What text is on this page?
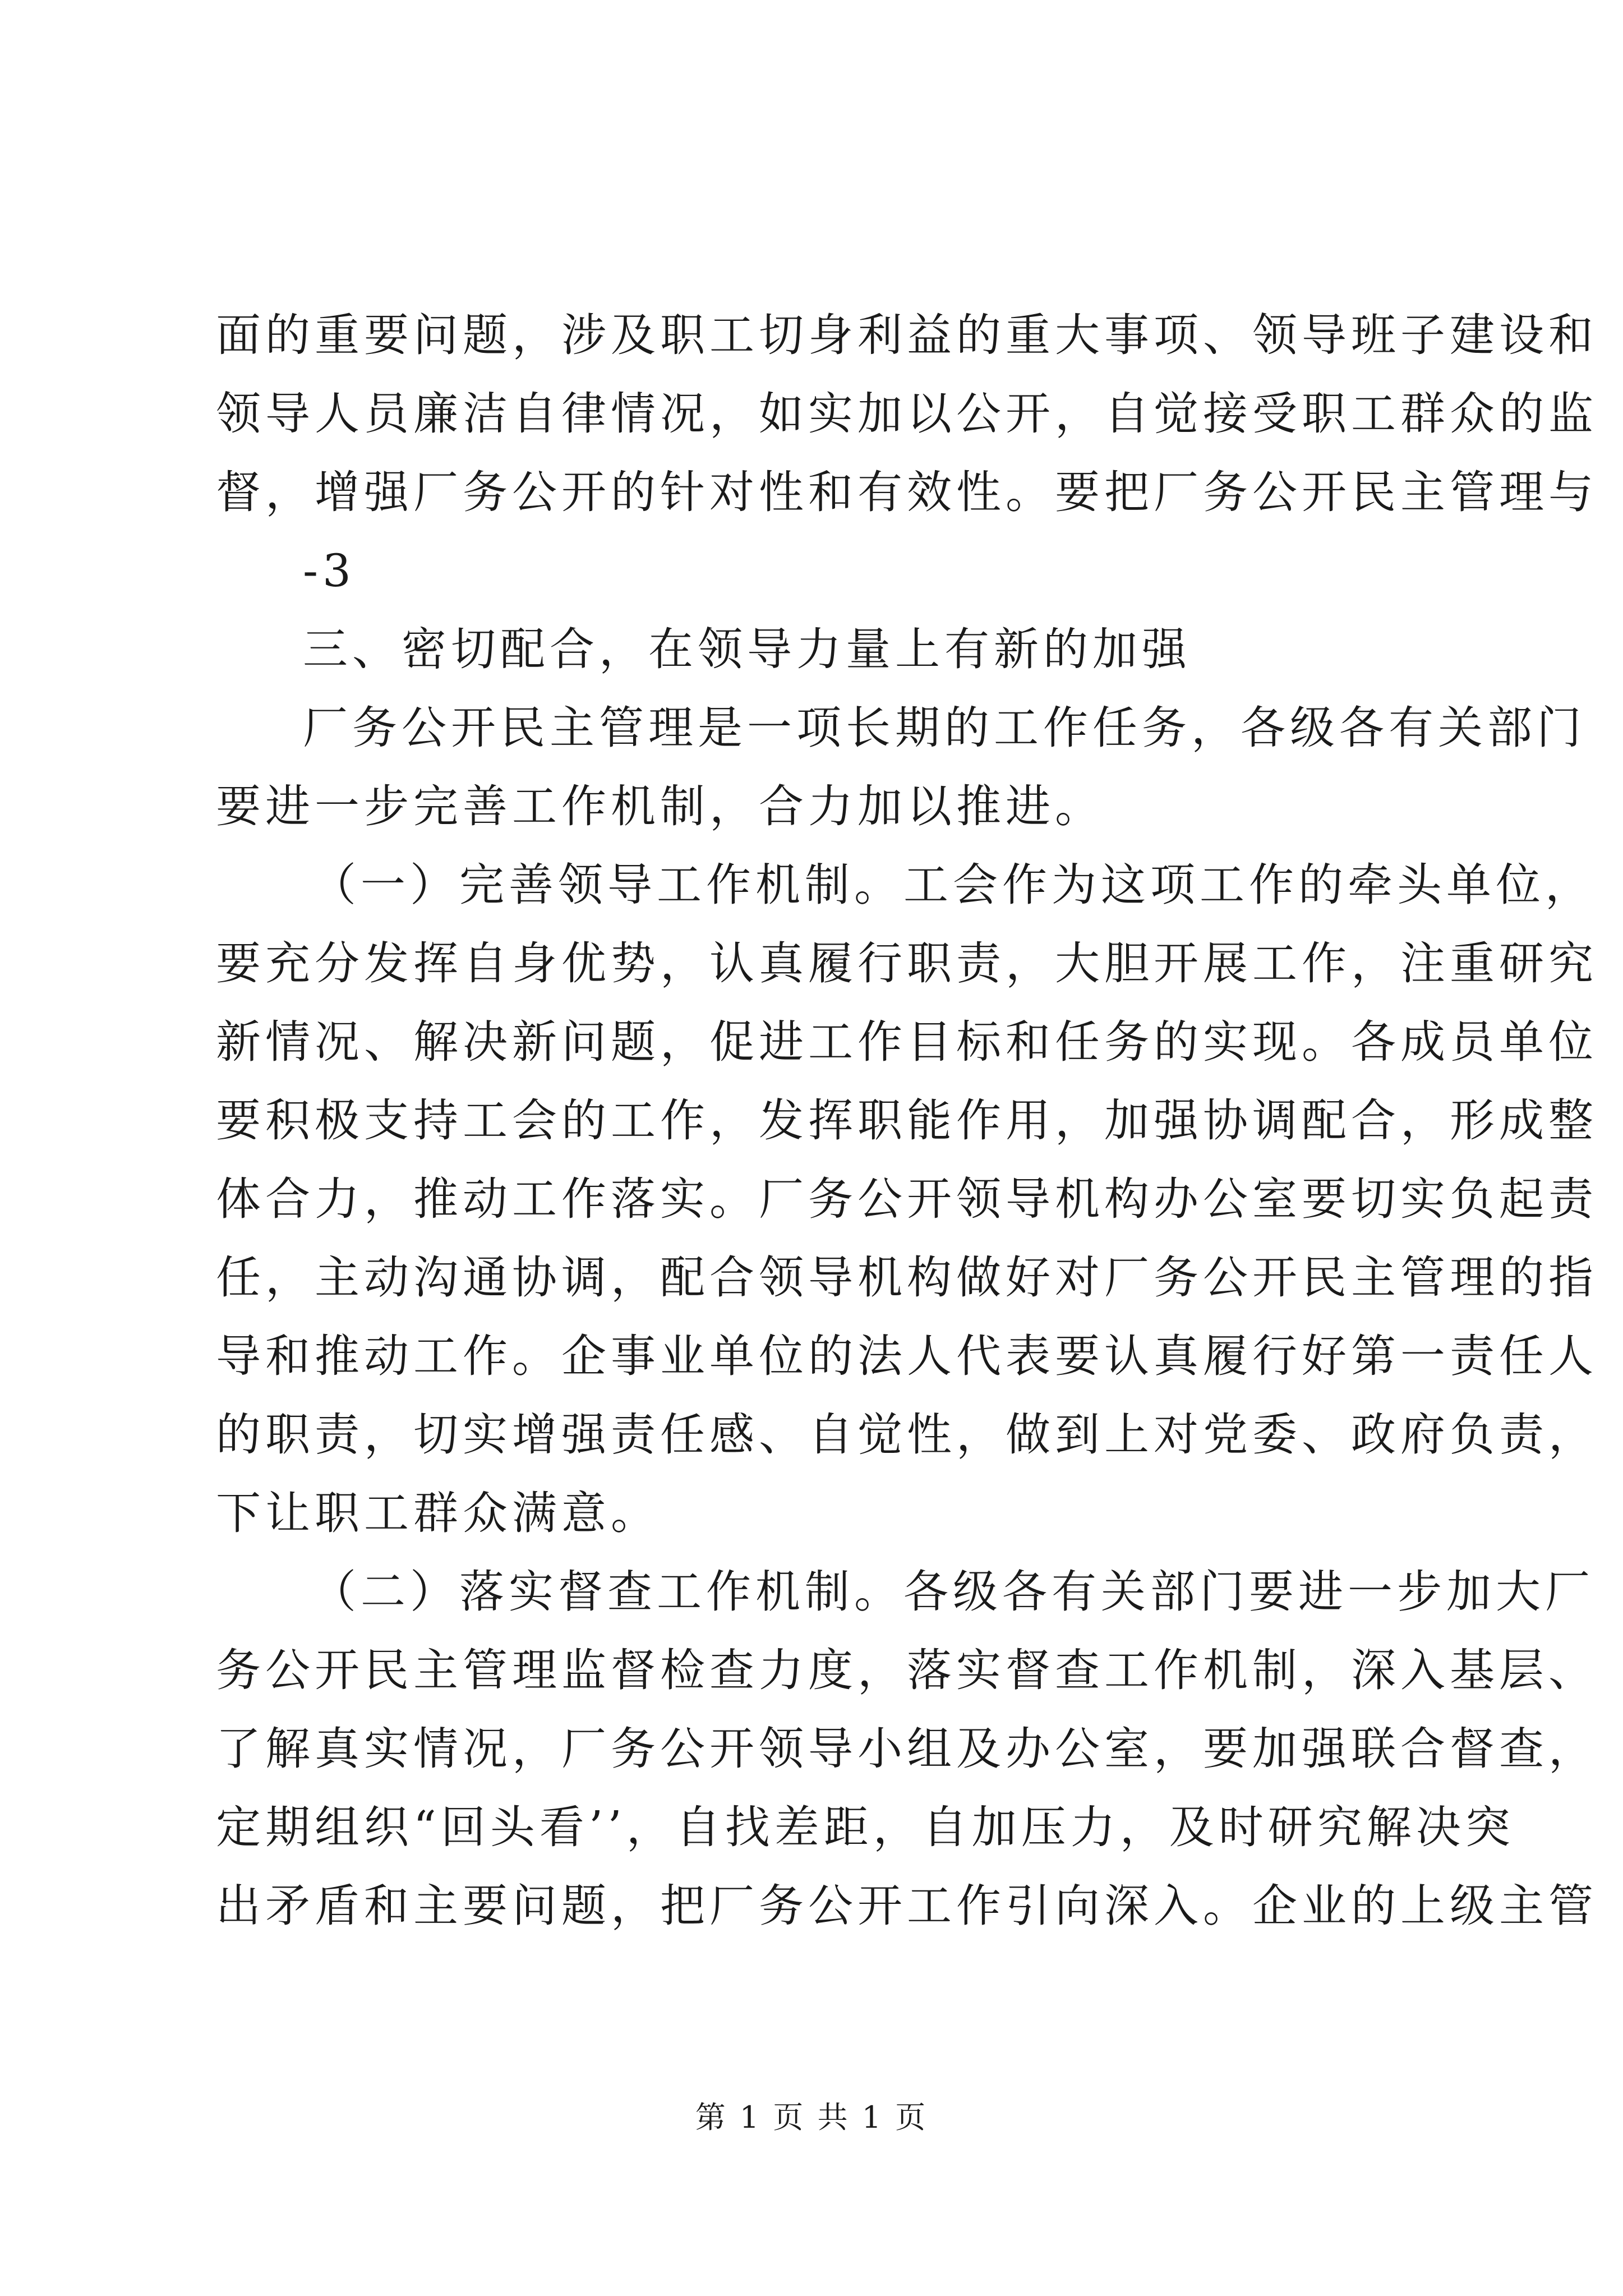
面的重要问题，涉及职工切身利益的重大事项、领导班子建设和
领导人员廉洁自律情况，如实加以公开，自觉接受职工群众的监
督，增强厂务公开的针对性和有效性。要把厂务公开民主管理与
-3
三、密切配合，在领导力量上有新的加强
厂务公开民主管理是一项长期的工作任务，各级各有关部门
要进一步完善工作机制，合力加以推进。
（一）完善领导工作机制。工会作为这项工作的牵头单位，
要充分发挥自身优势，认真履行职责，大胆开展工作，注重研究
新情况、解决新问题，促进工作目标和任务的实现。各成员单位
要积极支持工会的工作，发挥职能作用，加强协调配合，形成整
体合力，推动工作落实。厂务公开领导机构办公室要切实负起责
任，主动沟通协调，配合领导机构做好对厂务公开民主管理的指
导和推动工作。企事业单位的法人代表要认真履行好第一责任人
的职责，切实增强责任感、自觉性，做到上对党委、政府负责，
下让职工群众满意。
（二）落实督查工作机制。各级各有关部门要进一步加大厂
务公开民主管理监督检查力度，落实督查工作机制，深入基层、
了解真实情况，厂务公开领导小组及办公室，要加强联合督查，
定期组织“回头看’’，自找差距，自加压力，及时研究解决突
出矛盾和主要问题，把厂务公开工作引向深入。企业的上级主管
第 1 页 共 1 页
